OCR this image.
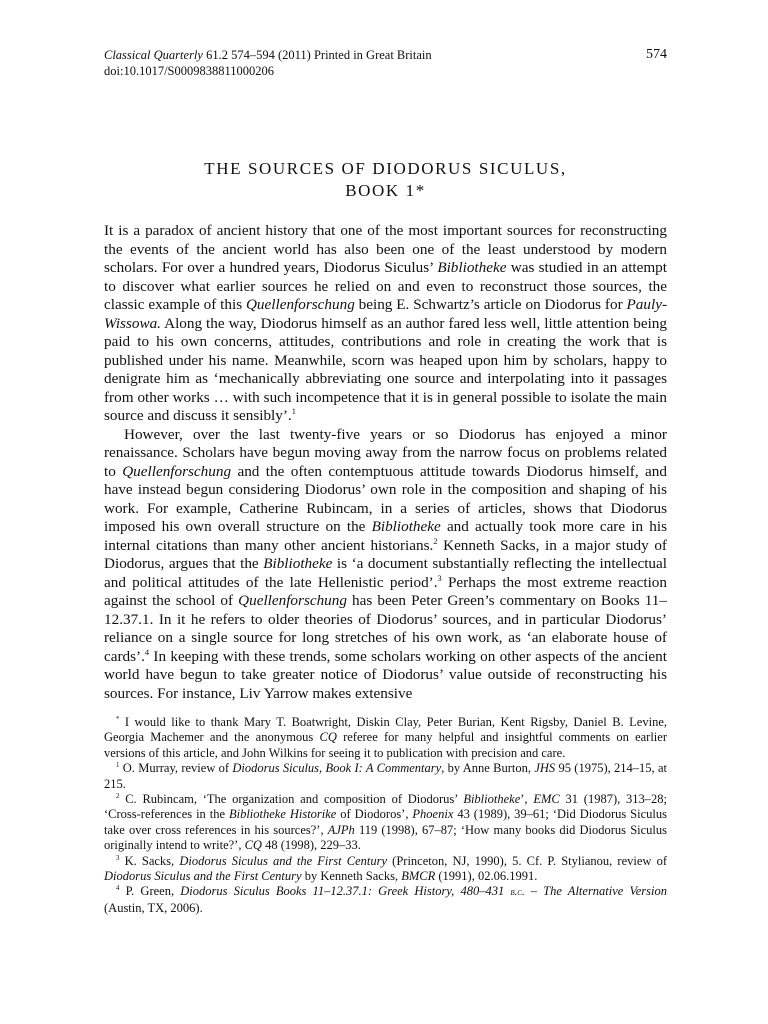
Classical Quarterly 61.2 574–594 (2011) Printed in Great Britain	574
doi:10.1017/S0009838811000206
THE SOURCES OF DIODORUS SICULUS,
BOOK 1*

It is a paradox of ancient history that one of the most important sources for reconstructing the events of the ancient world has also been one of the least understood by modern scholars. For over a hundred years, Diodorus Siculus’ Bibliotheke was studied in an attempt to discover what earlier sources he relied on and even to reconstruct those sources, the classic example of this Quellenforschung being E. Schwartz’s article on Diodorus for Pauly-Wissowa. Along the way, Diodorus himself as an author fared less well, little attention being paid to his own concerns, attitudes, contributions and role in creating the work that is published under his name. Meanwhile, scorn was heaped upon him by scholars, happy to denigrate him as ‘mechanically abbreviating one source and interpolating into it passages from other works … with such incompetence that it is in general possible to isolate the main source and discuss it sensibly’.$^1$

However, over the last twenty-five years or so Diodorus has enjoyed a minor renaissance. Scholars have begun moving away from the narrow focus on problems related to Quellenforschung and the often contemptuous attitude towards Diodorus himself, and have instead begun considering Diodorus’ own role in the composition and shaping of his work. For example, Catherine Rubincam, in a series of articles, shows that Diodorus imposed his own overall structure on the Bibliotheke and actually took more care in his internal citations than many other ancient historians.$^2$ Kenneth Sacks, in a major study of Diodorus, argues that the Bibliotheke is ‘a document substantially reflecting the intellectual and political attitudes of the late Hellenistic period’.$^3$ Perhaps the most extreme reaction against the school of Quellenforschung has been Peter Green’s commentary on Books 11–12.37.1. In it he refers to older theories of Diodorus’ sources, and in particular Diodorus’ reliance on a single source for long stretches of his own work, as ‘an elaborate house of cards’.$^4$ In keeping with these trends, some scholars working on other aspects of the ancient world have begun to take greater notice of Diodorus’ value outside of reconstructing his sources. For instance, Liv Yarrow makes extensive

* I would like to thank Mary T. Boatwright, Diskin Clay, Peter Burian, Kent Rigsby, Daniel B. Levine, Georgia Machemer and the anonymous CQ referee for many helpful and insightful comments on earlier versions of this article, and John Wilkins for seeing it to publication with precision and care.

$^1$ O. Murray, review of Diodorus Siculus, Book I: A Commentary, by Anne Burton, JHS 95 (1975), 214–15, at 215.

$^2$ C. Rubincam, ‘The organization and composition of Diodorus’ Bibliotheke’, EMC 31 (1987), 313–28; ‘Cross-references in the Bibliotheke Historike of Diodoros’, Phoenix 43 (1989), 39–61; ‘Did Diodorus Siculus take over cross references in his sources?’, AJPh 119 (1998), 67–87; ‘How many books did Diodorus Siculus originally intend to write?’, CQ 48 (1998), 229–33.

$^3$ K. Sacks, Diodorus Siculus and the First Century (Princeton, NJ, 1990), 5. Cf. P. Stylianou, review of Diodorus Siculus and the First Century by Kenneth Sacks, BMCR (1991), 02.06.1991.

$^4$ P. Green, Diodorus Siculus Books 11–12.37.1: Greek History, 480–431 b.c. – The Alternative Version (Austin, TX, 2006).
